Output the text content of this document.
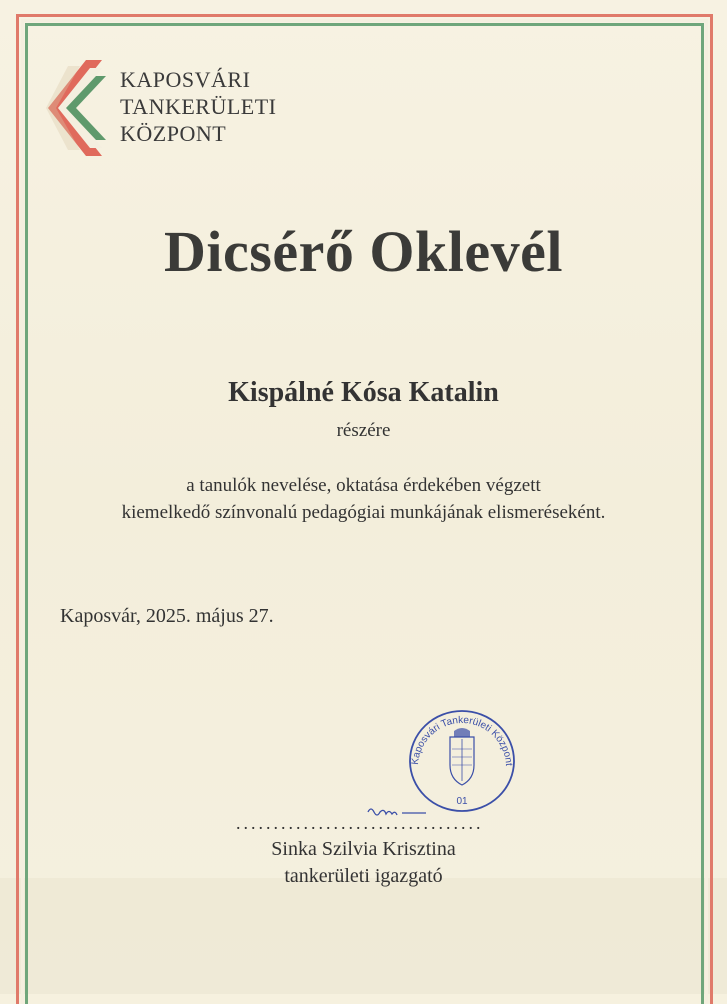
KAPOSVÁRI
TANKERÜLETI
KÖZPONT
Dicsérő Oklevél
Kispálné Kósa Katalin
részére
a tanulók nevelése, oktatása érdekében végzett
kiemelkedő színvonalú pedagógiai munkájának elismeréseként.
Kaposvár, 2025. május 27.
Kaposvári Tankerületi Központ
01
.................................
Sinka Szilvia Krisztina
tankerületi igazgató
